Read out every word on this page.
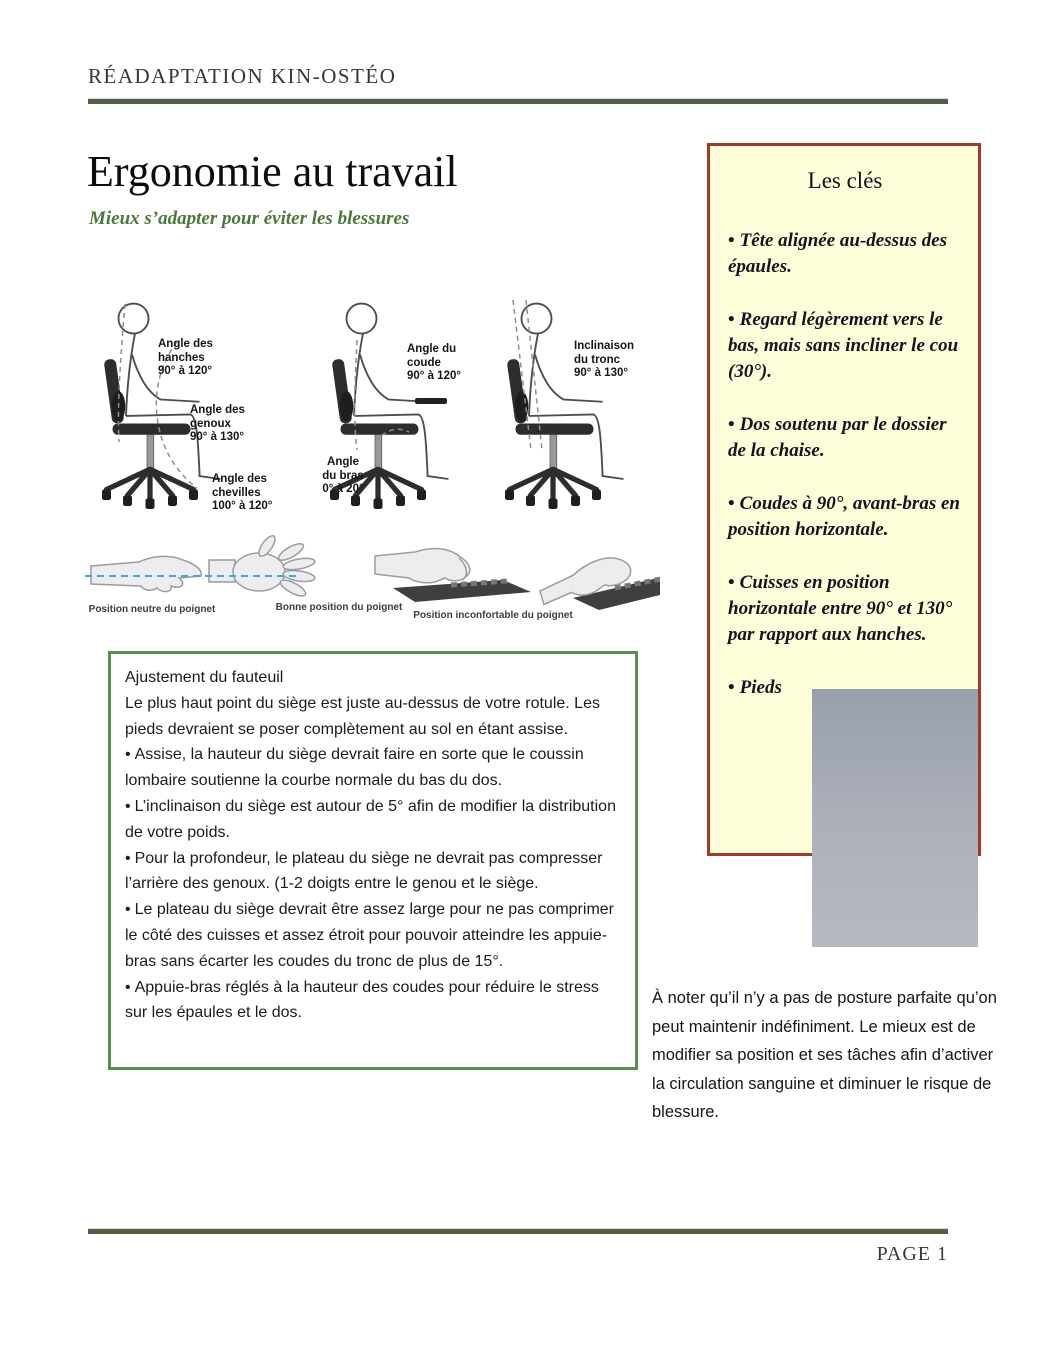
RÉADAPTATION KIN-OSTÉO
Ergonomie au travail
Mieux s’adapter pour éviter les blessures
Angle des
hanches
90° à 120°
Angle des
genoux
90° à 130°
Angle des
chevilles
100° à 120°
Angle du
coude
90° à 120°
Angle
du bras
0° à 20°
Inclinaison
du tronc
90° à 130°
Position neutre du poignet	Bonne position du poignet
Position inconfortable du poignet

Ajustement du fauteuil

Le plus haut point du siège est juste au-dessus de votre rotule. Les pieds devraient se poser complètement au sol en étant assise.

• Assise, la hauteur du siège devrait faire en sorte que le coussin lombaire soutienne la courbe normale du bas du dos.

• L’inclinaison du siège est autour de 5° afin de modifier la distribution de votre poids.

• Pour la profondeur, le plateau du siège ne devrait pas compresser l’arrière des genoux. (1-2 doigts entre le genou et le siège.

• Le plateau du siège devrait être assez large pour ne pas comprimer le côté des cuisses et assez étroit pour pouvoir atteindre les appuie-bras sans écarter les coudes du tronc de plus de 15°.

• Appuie-bras réglés à la hauteur des coudes pour réduire le stress sur les épaules et le dos.

Les clés

• Tête alignée au-dessus des épaules.

• Regard légèrement vers le bas, mais sans incliner le cou (30°).

• Dos soutenu par le dossier de la chaise.

• Coudes à 90°, avant-bras en position horizontale.

• Cuisses en position horizontale entre 90° et 130° par rapport aux hanches.

• Pieds

À noter qu’il n’y a pas de posture parfaite qu’on peut maintenir indéfiniment. Le mieux est de modifier sa position et ses tâches afin d’activer la circulation sanguine et diminuer le risque de blessure.
PAGE 1
